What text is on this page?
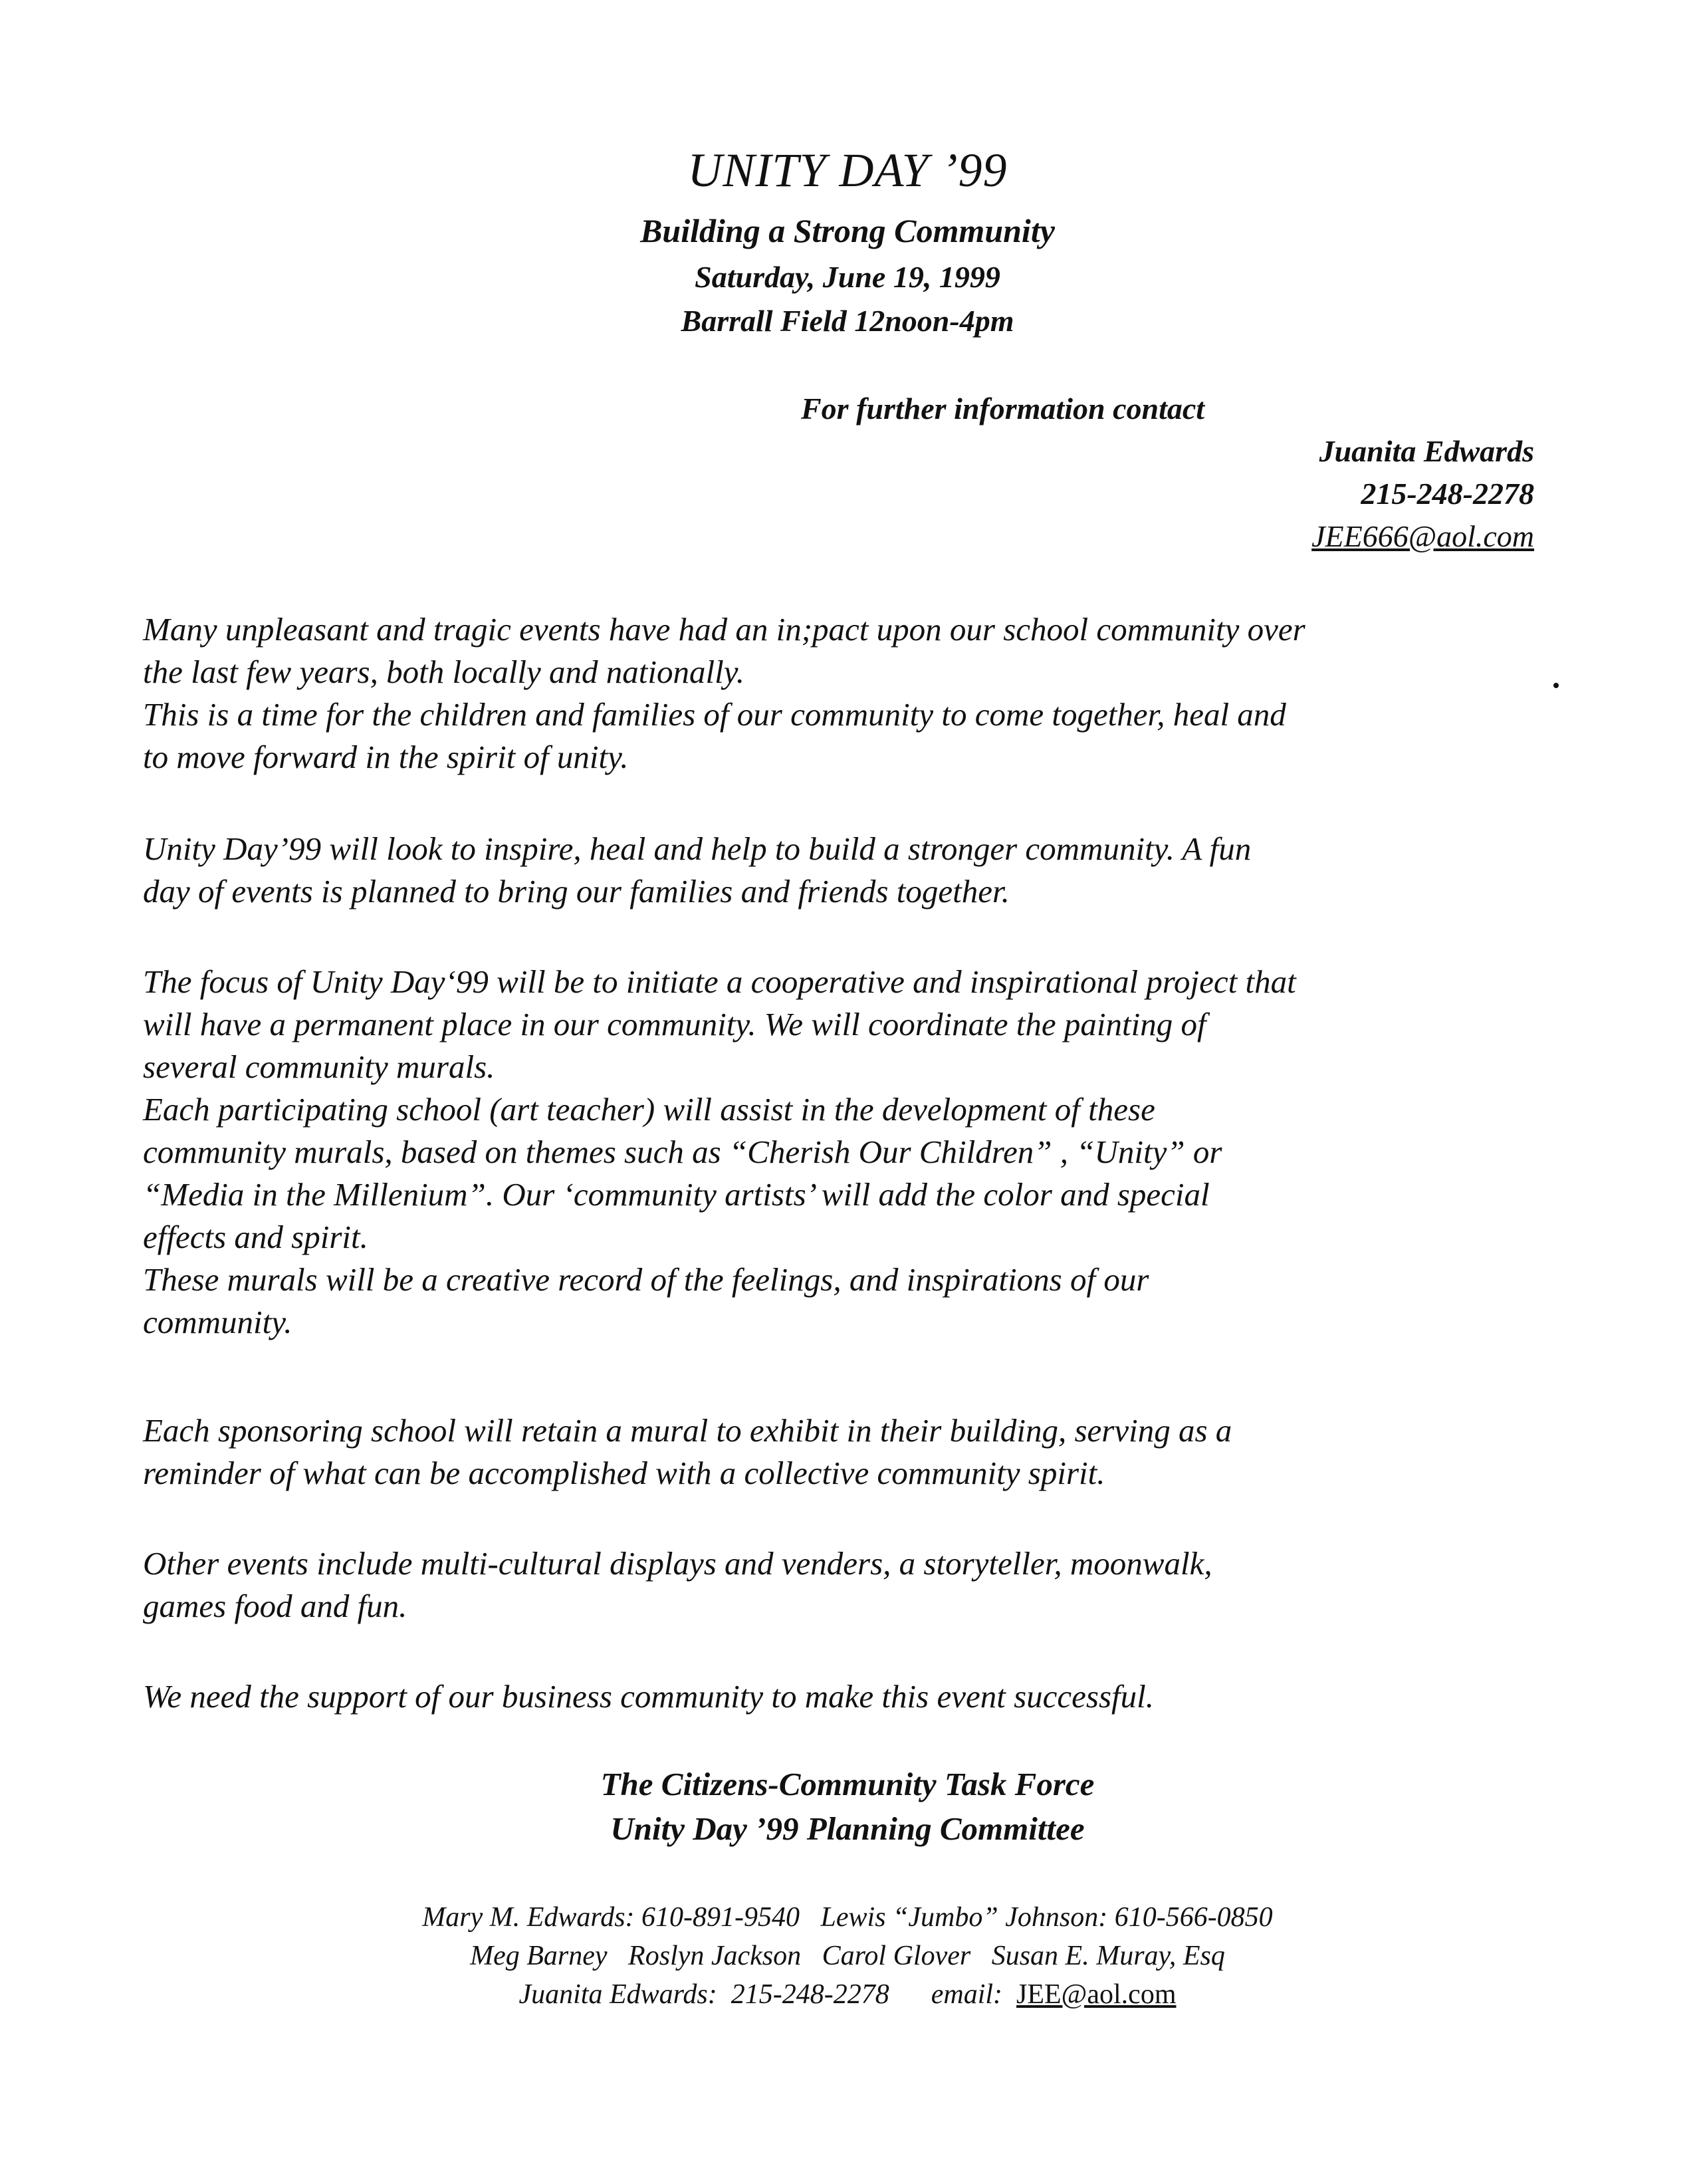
UNITY DAY ’99
Building a Strong Community
Saturday, June 19, 1999
Barrall Field 12noon-4pm
For further information contact
Juanita Edwards
215-248-2278
JEE666@aol.com

Many unpleasant and tragic events have had an in;pact upon our school community over

the last few years, both locally and nationally.

This is a time for the children and families of our community to come together, heal and

to move forward in the spirit of unity.

Unity Day’99 will look to inspire, heal and help to build a stronger community. A fun

day of events is planned to bring our families and friends together.

The focus of Unity Day‘99 will be to initiate a cooperative and inspirational project that

will have a permanent place in our community. We will coordinate the painting of

several community murals.

Each participating school (art teacher) will assist in the development of these

community murals, based on themes such as “Cherish Our Children” , “Unity” or

“Media in the Millenium”. Our ‘community artists’ will add the color and special

effects and spirit.

These murals will be a creative record of the feelings, and inspirations of our

community.

Each sponsoring school will retain a mural to exhibit in their building, serving as a

reminder of what can be accomplished with a collective community spirit.

Other events include multi-cultural displays and venders, a storyteller, moonwalk,

games food and fun.

We need the support of our business community to make this event successful.

The Citizens-Community Task Force
Unity Day ’99 Planning Committee
Mary M. Edwards: 610-891-9540   Lewis “Jumbo” Johnson: 610-566-0850
Meg Barney   Roslyn Jackson   Carol Glover   Susan E. Muray, Esq
Juanita Edwards:  215-248-2278      email:  JEE@aol.com
